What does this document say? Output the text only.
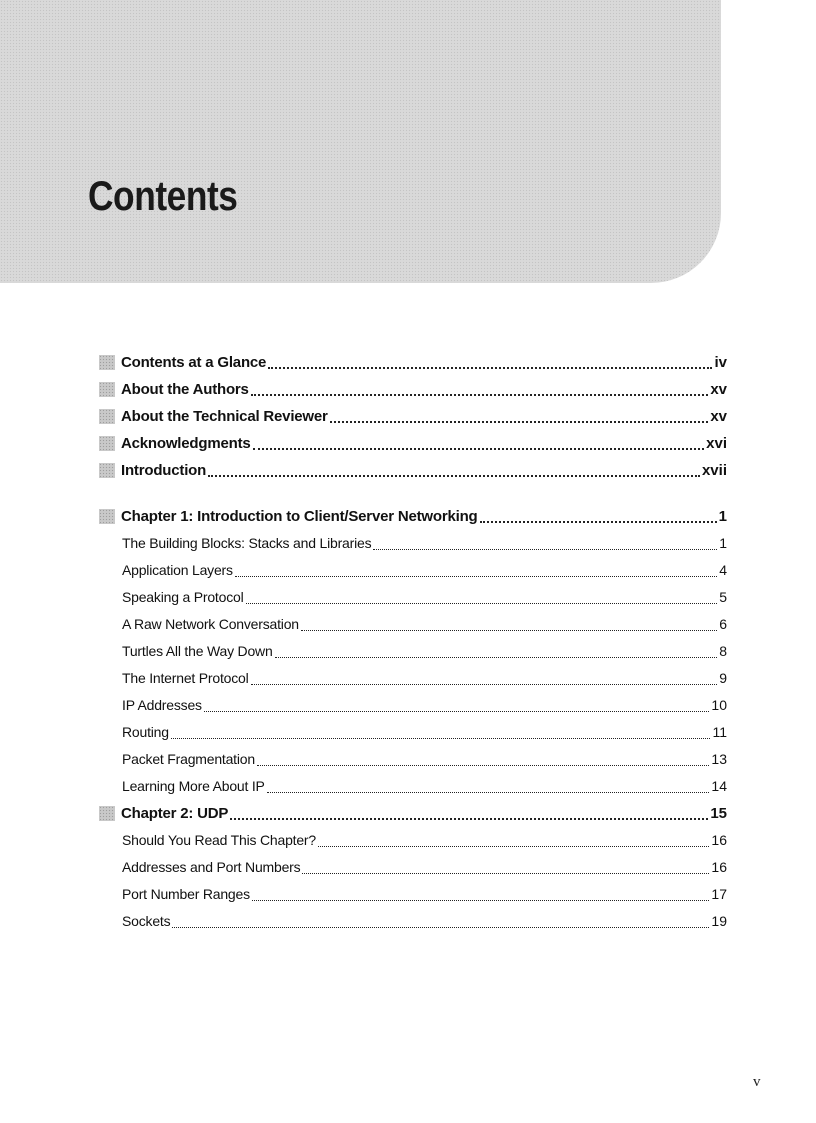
Contents
Contents at a Glance	iv
About the Authors	xv
About the Technical Reviewer	xv
Acknowledgments	xvi
Introduction	xvii
Chapter 1: Introduction to Client/Server Networking	1
The Building Blocks: Stacks and Libraries	1
Application Layers	4
Speaking a Protocol	5
A Raw Network Conversation	6
Turtles All the Way Down	8
The Internet Protocol	9
IP Addresses	10
Routing	11
Packet Fragmentation	13
Learning More About IP	14
Chapter 2: UDP	15
Should You Read This Chapter?	16
Addresses and Port Numbers	16
Port Number Ranges	17
Sockets	19
v
